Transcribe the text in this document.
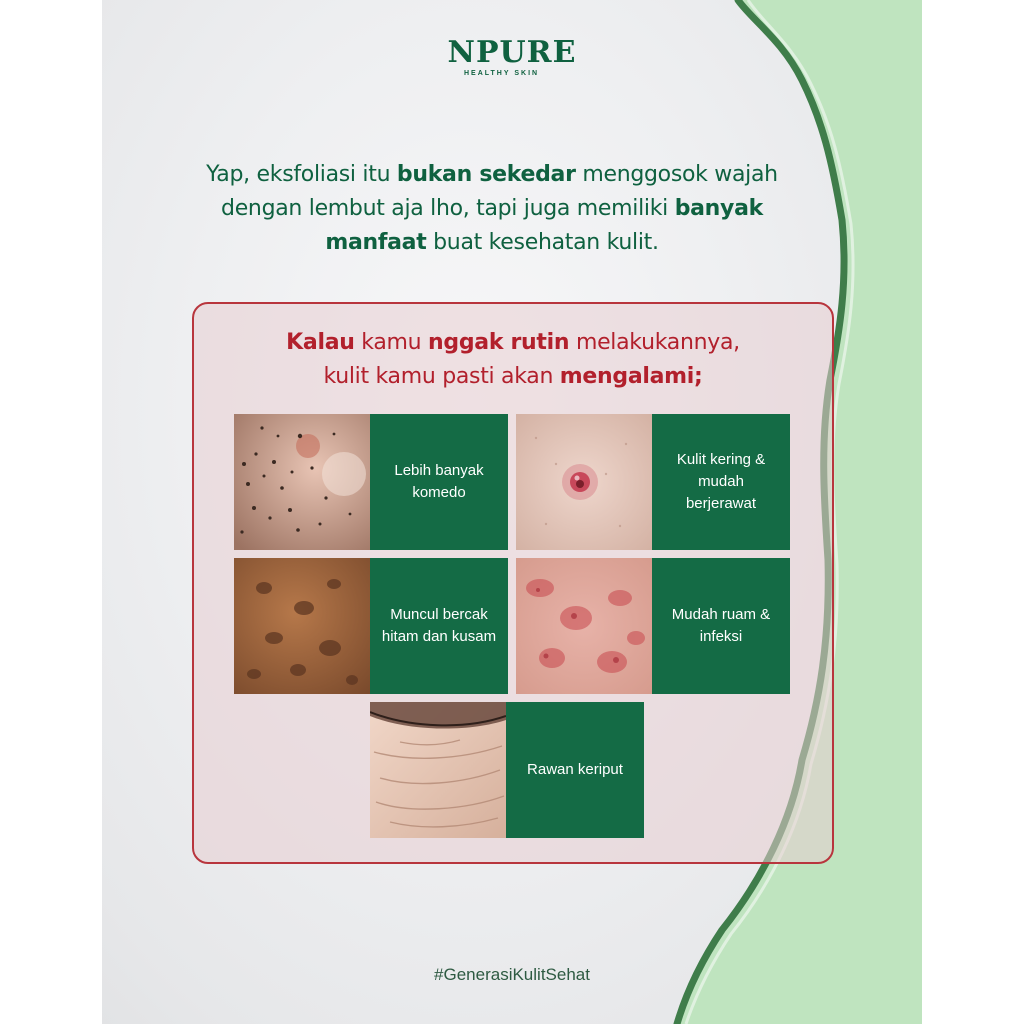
NPURE
HEALTHY SKIN
Yap, eksfoliasi itu bukan sekedar menggosok wajah
dengan lembut aja lho, tapi juga memiliki banyak
manfaat buat kesehatan kulit.
Kalau kamu nggak rutin melakukannya,
kulit kamu pasti akan mengalami;
Lebih banyak komedo
Kulit kering & mudah berjerawat
Muncul bercak hitam dan kusam
Mudah ruam & infeksi
Rawan keriput
#GenerasiKulitSehat
